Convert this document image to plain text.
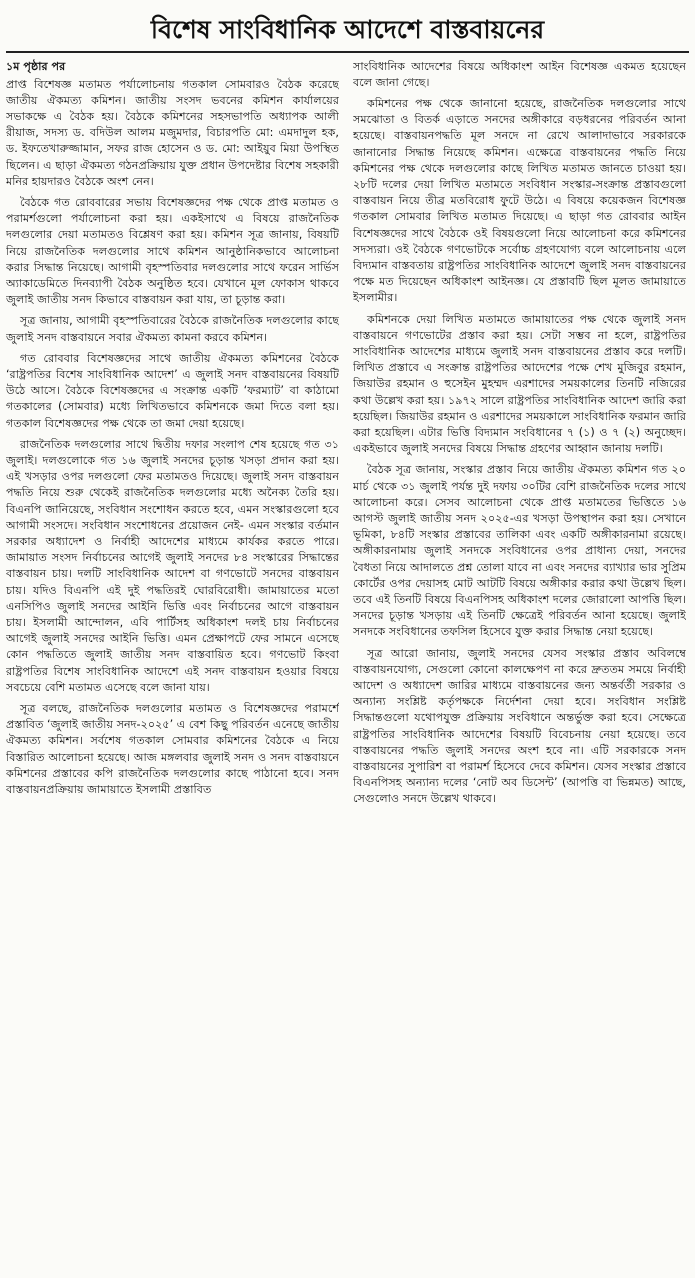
বিশেষ সাংবিধানিক আদেশে বাস্তবায়নের
১ম পৃষ্ঠার পর

প্রাপ্ত বিশেষজ্ঞ মতামত পর্যালোচনায় গতকাল সোমবারও বৈঠক করেছে জাতীয় ঐকমত্য কমিশন। জাতীয় সংসদ ভবনের কমিশন কার্যালয়ের সভাকক্ষে এ বৈঠক হয়। বৈঠকে কমিশনের সহসভাপতি অধ্যাপক আলী রীয়াজ, সদস্য ড. বদিউল আলম মজুমদার, বিচারপতি মো: এমদাদুল হক, ড. ইফতেখারুজ্জামান, সফর রাজ হোসেন ও ড. মো: আইয়ুব মিয়া উপস্থিত ছিলেন। এ ছাড়া ঐকমত্য গঠনপ্রক্রিয়ায় যুক্ত প্রধান উপদেষ্টার বিশেষ সহকারী মনির হায়দারও বৈঠকে অংশ নেন।

বৈঠকে গত রোববারের সভায় বিশেষজ্ঞদের পক্ষ থেকে প্রাপ্ত মতামত ও পরামর্শগুলো পর্যালোচনা করা হয়। একইসাথে এ বিষয়ে রাজনৈতিক দলগুলোর দেয়া মতামতও বিশ্লেষণ করা হয়। কমিশন সূত্র জানায়, বিষয়টি নিয়ে রাজনৈতিক দলগুলোর সাথে কমিশন আনুষ্ঠানিকভাবে আলোচনা করার সিদ্ধান্ত নিয়েছে। আগামী বৃহস্পতিবার দলগুলোর সাথে ফরেন সার্ভিস অ্যাকাডেমিতে দিনব্যাপী বৈঠক অনুষ্ঠিত হবে। যেখানে মূল ফোকাস থাকবে জুলাই জাতীয় সনদ কিভাবে বাস্তবায়ন করা যায়, তা চূড়ান্ত করা।

সূত্র জানায়, আগামী বৃহস্পতিবারের বৈঠকে রাজনৈতিক দলগুলোর কাছে জুলাই সনদ বাস্তবায়নে সবার ঐকমত্য কামনা করবে কমিশন।

গত রোববার বিশেষজ্ঞদের সাথে জাতীয় ঐকমত্য কমিশনের বৈঠকে ‘রাষ্ট্রপতির বিশেষ সাংবিধানিক আদেশ’ এ জুলাই সনদ বাস্তবায়নের বিষয়টি উঠে আসে। বৈঠকে বিশেষজ্ঞদের এ সংক্রান্ত একটি ‘ফরম্যাট’ বা কাঠামো গতকালের (সোমবার) মধ্যে লিখিতভাবে কমিশনকে জমা দিতে বলা হয়। গতকাল বিশেষজ্ঞদের পক্ষ থেকে তা জমা দেয়া হয়েছে।

রাজনৈতিক দলগুলোর সাথে দ্বিতীয় দফার সংলাপ শেষ হয়েছে গত ৩১ জুলাই। দলগুলোকে গত ১৬ জুলাই সনদের চূড়ান্ত খসড়া প্রদান করা হয়। এই খসড়ার ওপর দলগুলো ফের মতামতও দিয়েছে। জুলাই সনদ বাস্তবায়ন পদ্ধতি নিয়ে শুরু থেকেই রাজনৈতিক দলগুলোর মধ্যে অনৈক্য তৈরি হয়। বিএনপি জানিয়েছে, সংবিধান সংশোধন করতে হবে, এমন সংস্কারগুলো হবে আগামী সংসদে। সংবিধান সংশোধনের প্রয়োজন নেই- এমন সংস্কার বর্তমান সরকার অধ্যাদেশ ও নির্বাহী আদেশের মাধ্যমে কার্যকর করতে পারে। জামায়াত সংসদ নির্বাচনের আগেই জুলাই সনদের ৮৪ সংস্কারের সিদ্ধান্তের বাস্তবায়ন চায়। দলটি সাংবিধানিক আদেশ বা গণভোটে সনদের বাস্তবায়ন চায়। যদিও বিএনপি এই দুই পদ্ধতিরই ঘোরবিরোধী। জামায়াতের মতো এনসিপিও জুলাই সনদের আইনি ভিত্তি এবং নির্বাচনের আগে বাস্তবায়ন চায়। ইসলামী আন্দোলন, এবি পার্টিসহ অধিকাংশ দলই চায় নির্বাচনের আগেই জুলাই সনদের আইনি ভিত্তি। এমন প্রেক্ষাপটে ফের সামনে এসেছে কোন পদ্ধতিতে জুলাই জাতীয় সনদ বাস্তবায়িত হবে। গণভোট কিংবা রাষ্ট্রপতির বিশেষ সাংবিধানিক আদেশে এই সনদ বাস্তবায়ন হওয়ার বিষয়ে সবচেয়ে বেশি মতামত এসেছে বলে জানা যায়।

সূত্র বলছে, রাজনৈতিক দলগুলোর মতামত ও বিশেষজ্ঞদের পরামর্শে প্রস্তাবিত ‘জুলাই জাতীয় সনদ-২০২৫’ এ বেশ কিছু পরিবর্তন এনেছে জাতীয় ঐকমত্য কমিশন। সর্বশেষ গতকাল সোমবার কমিশনের বৈঠকে এ নিয়ে বিস্তারিত আলোচনা হয়েছে। আজ মঙ্গলবার জুলাই সনদ ও সনদ বাস্তবায়নে কমিশনের প্রস্তাবের কপি রাজনৈতিক দলগুলোর কাছে পাঠানো হবে। সনদ বাস্তবায়নপ্রক্রিয়ায় জামায়াতে ইসলামী প্রস্তাবিত

সাংবিধানিক আদেশের বিষয়ে অধিকাংশ আইন বিশেষজ্ঞ একমত হয়েছেন বলে জানা গেছে।

কমিশনের পক্ষ থেকে জানানো হয়েছে, রাজনৈতিক দলগুলোর সাথে সমঝোতা ও বিতর্ক এড়াতে সনদের অঙ্গীকারে বড়ধরনের পরিবর্তন আনা হয়েছে। বাস্তবায়নপদ্ধতি মূল সনদে না রেখে আলাদাভাবে সরকারকে জানানোর সিদ্ধান্ত নিয়েছে কমিশন। এক্ষেত্রে বাস্তবায়নের পদ্ধতি নিয়ে কমিশনের পক্ষ থেকে দলগুলোর কাছে লিখিত মতামত জানতে চাওয়া হয়। ২৮টি দলের দেয়া লিখিত মতামতে সংবিধান সংস্কার-সংক্রান্ত প্রস্তাবগুলো বাস্তবায়ন নিয়ে তীব্র মতবিরোধ ফুটে উঠে। এ বিষয়ে কয়েকজন বিশেষজ্ঞ গতকাল সোমবার লিখিত মতামত দিয়েছে। এ ছাড়া গত রোববার আইন বিশেষজ্ঞদের সাথে বৈঠকে ওই বিষয়গুলো নিয়ে আলোচনা করে কমিশনের সদস্যরা। ওই বৈঠকে গণভোটকে সর্বোচ্চ গ্রহণযোগ্য বলে আলোচনায় এলে বিদ্যমান বাস্তবতায় রাষ্ট্রপতির সাংবিধানিক আদেশে জুলাই সনদ বাস্তবায়নের পক্ষে মত দিয়েছেন অধিকাংশ আইনজ্ঞ। যে প্রস্তাবটি ছিল মূলত জামায়াতে ইসলামীর।

কমিশনকে দেয়া লিখিত মতামতে জামায়াতের পক্ষ থেকে জুলাই সনদ বাস্তবায়নে গণভোটের প্রস্তাব করা হয়। সেটা সম্ভব না হলে, রাষ্ট্রপতির সাংবিধানিক আদেশের মাধ্যমে জুলাই সনদ বাস্তবায়নের প্রস্তাব করে দলটি। লিখিত প্রস্তাবে এ সংক্রান্ত রাষ্ট্রপতির আদেশের পক্ষে শেখ মুজিবুর রহমান, জিয়াউর রহমান ও হুসেইন মুহম্মদ এরশাদের সময়কালের তিনটি নজিরের কথা উল্লেখ করা হয়। ১৯৭২ সালে রাষ্ট্রপতির সাংবিধানিক আদেশ জারি করা হয়েছিল। জিয়াউর রহমান ও এরশাদের সময়কালে সাংবিধানিক ফরমান জারি করা হয়েছিল। এটার ভিত্তি বিদ্যমান সংবিধানের ৭ (১) ও ৭ (২) অনুচ্ছেদ। একইভাবে জুলাই সনদের বিষয়ে সিদ্ধান্ত গ্রহণের আহ্বান জানায় দলটি।

বৈঠক সূত্র জানায়, সংস্কার প্রস্তাব নিয়ে জাতীয় ঐকমত্য কমিশন গত ২০ মার্চ থেকে ৩১ জুলাই পর্যন্ত দুই দফায় ৩০টির বেশি রাজনৈতিক দলের সাথে আলোচনা করে। সেসব আলোচনা থেকে প্রাপ্ত মতামতের ভিত্তিতে ১৬ আগস্ট জুলাই জাতীয় সনদ ২০২৫-এর খসড়া উপস্থাপন করা হয়। সেখানে ভূমিকা, ৮৪টি সংস্কার প্রস্তাবের তালিকা এবং একটি অঙ্গীকারনামা রয়েছে। অঙ্গীকারনামায় জুলাই সনদকে সংবিধানের ওপর প্রাধান্য দেয়া, সনদের বৈধতা নিয়ে আদালতে প্রশ্ন তোলা যাবে না এবং সনদের ব্যাখ্যার ভার সুপ্রিম কোর্টের ওপর দেয়াসহ মোট আটটি বিষয়ে অঙ্গীকার করার কথা উল্লেখ ছিল। তবে এই তিনটি বিষয়ে বিএনপিসহ অধিকাংশ দলের জোরালো আপত্তি ছিল। সনদের চূড়ান্ত খসড়ায় এই তিনটি ক্ষেত্রেই পরিবর্তন আনা হয়েছে। জুলাই সনদকে সংবিধানের তফসিল হিসেবে যুক্ত করার সিদ্ধান্ত নেয়া হয়েছে।

সূত্র আরো জানায়, জুলাই সনদের যেসব সংস্কার প্রস্তাব অবিলম্বে বাস্তবায়নযোগ্য, সেগুলো কোনো কালক্ষেপণ না করে দ্রুততম সময়ে নির্বাহী আদেশ ও অধ্যাদেশ জারির মাধ্যমে বাস্তবায়নের জন্য অন্তর্বর্তী সরকার ও অন্যান্য সংশ্লিষ্ট কর্তৃপক্ষকে নির্দেশনা দেয়া হবে। সংবিধান সংশ্লিষ্ট সিদ্ধান্তগুলো যথোপযুক্ত প্রক্রিয়ায় সংবিধানে অন্তর্ভুক্ত করা হবে। সেক্ষেত্রে রাষ্ট্রপতির সাংবিধানিক আদেশের বিষয়টি বিবেচনায় নেয়া হয়েছে। তবে বাস্তবায়নের পদ্ধতি জুলাই সনদের অংশ হবে না। এটি সরকারকে সনদ বাস্তবায়নের সুপারিশ বা পরামর্শ হিসেবে দেবে কমিশন। যেসব সংস্কার প্রস্তাবে বিএনপিসহ অন্যান্য দলের ‘নোট অব ডিসেন্ট’ (আপত্তি বা ভিন্নমত) আছে, সেগুলোও সনদে উল্লেখ থাকবে।
